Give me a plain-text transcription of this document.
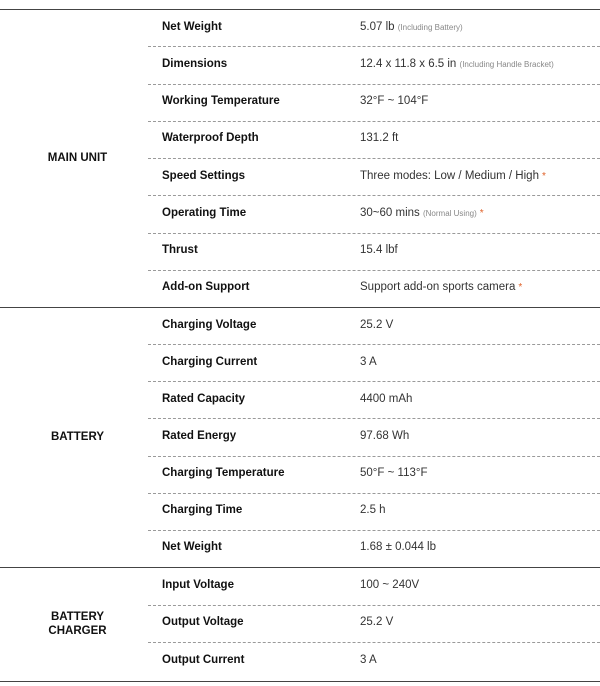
MAIN UNIT
Net Weight	5.07 lb (Including Battery)
Dimensions	12.4 x 11.8 x 6.5 in (Including Handle Bracket)
Working Temperature	32°F ~ 104°F
Waterproof Depth	131.2 ft
Speed Settings	Three modes: Low / Medium / High *
Operating Time	30~60 mins (Normal Using) *
Thrust	15.4 lbf
Add-on Support	Support add-on sports camera *
BATTERY
Charging Voltage	25.2 V
Charging Current	3 A
Rated Capacity	4400 mAh
Rated Energy	97.68 Wh
Charging Temperature	50°F ~ 113°F
Charging Time	2.5 h
Net Weight	1.68 ± 0.044 lb
BATTERY
CHARGER
Input Voltage	100 ~ 240V
Output Voltage	25.2 V
Output Current	3 A
